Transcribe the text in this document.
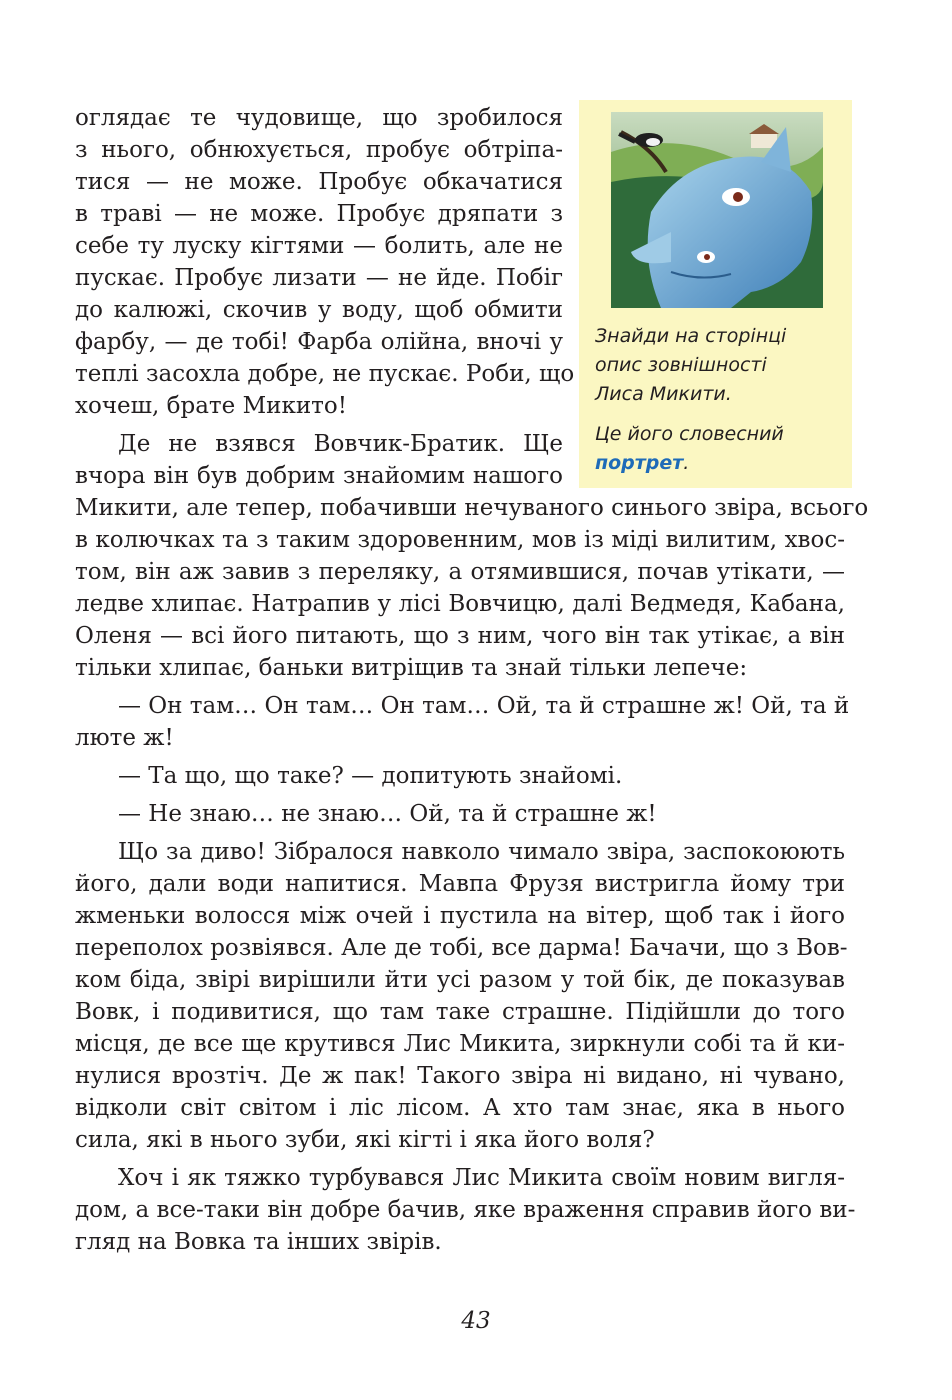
Знайди на сторінці
опис зовнішності
Лиса Микити.
Це його словесний
портрет.
оглядає те чудовище, що зробилося
з нього, обнюхується, пробує обтріпа-
тися — не може. Пробує обкачатися
в траві — не може. Пробує дряпати з
себе ту луску кігтями — болить, але не
пускає. Пробує лизати — не йде. Побіг
до калюжі, скочив у воду, щоб обмити
фарбу, — де тобі! Фарба олійна, вночі у
теплі засохла добре, не пускає. Роби, що
хочеш, брате Микито!
Де не взявся Вовчик-Братик. Ще
вчора він був добрим знайомим нашого
Микити, але тепер, побачивши нечуваного синього звіра, всього
в колючках та з таким здоровенним, мов із міді вилитим, хвос-
том, він аж завив з переляку, а отямившися, почав утікати, —
ледве хлипає. Натрапив у лісі Вовчицю, далі Ведмедя, Кабана,
Оленя — всі його питають, що з ним, чого він так утікає, а він
тільки хлипає, баньки витріщив та знай тільки лепече:
— Он там… Он там… Он там… Ой, та й страшне ж! Ой, та й
люте ж!
— Та що, що таке? — допитують знайомі.
— Не знаю… не знаю… Ой, та й страшне ж!
Що за диво! Зібралося навколо чимало звіра, заспокоюють
його, дали води напитися. Мавпа Фрузя вистригла йому три
жменьки волосся між очей і пустила на вітер, щоб так і його
переполох розвіявся. Але де тобі, все дарма! Бачачи, що з Вов-
ком біда, звірі вирішили йти усі разом у той бік, де показував
Вовк, і подивитися, що там таке страшне. Підійшли до того
місця, де все ще крутився Лис Микита, зиркнули собі та й ки-
нулися врозтіч. Де ж пак! Такого звіра ні видано, ні чувано,
відколи світ світом і ліс лісом. А хто там знає, яка в нього
сила, які в нього зуби, які кігті і яка його воля?
Хоч і як тяжко турбувався Лис Микита своїм новим вигля-
дом, а все-таки він добре бачив, яке враження справив його ви-
гляд на Вовка та інших звірів.
43
